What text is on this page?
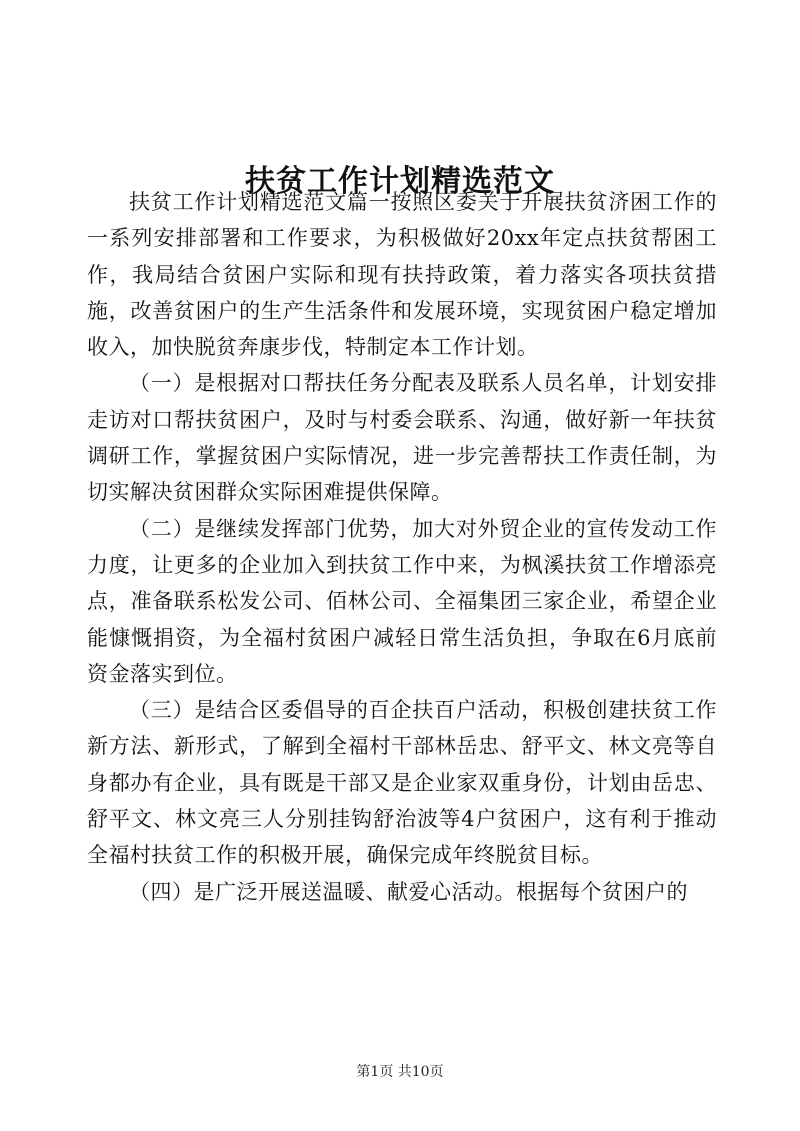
扶贫工作计划精选范文

扶贫工作计划精选范文篇一按照区委关于开展扶贫济困工作的一系列安排部署和工作要求，为积极做好20xx年定点扶贫帮困工作，我局结合贫困户实际和现有扶持政策，着力落实各项扶贫措施，改善贫困户的生产生活条件和发展环境，实现贫困户稳定增加收入，加快脱贫奔康步伐，特制定本工作计划。

（一）是根据对口帮扶任务分配表及联系人员名单，计划安排走访对口帮扶贫困户，及时与村委会联系、沟通，做好新一年扶贫调研工作，掌握贫困户实际情况，进一步完善帮扶工作责任制，为切实解决贫困群众实际困难提供保障。

（二）是继续发挥部门优势，加大对外贸企业的宣传发动工作力度，让更多的企业加入到扶贫工作中来，为枫溪扶贫工作增添亮点，准备联系松发公司、佰林公司、全福集团三家企业，希望企业能慷慨捐资，为全福村贫困户减轻日常生活负担，争取在6月底前资金落实到位。

（三）是结合区委倡导的百企扶百户活动，积极创建扶贫工作新方法、新形式，了解到全福村干部林岳忠、舒平文、林文亮等自身都办有企业，具有既是干部又是企业家双重身份，计划由岳忠、舒平文、林文亮三人分别挂钩舒治波等4户贫困户，这有利于推动全福村扶贫工作的积极开展，确保完成年终脱贫目标。

（四）是广泛开展送温暖、献爱心活动。根据每个贫困户的

第1页 共10页
